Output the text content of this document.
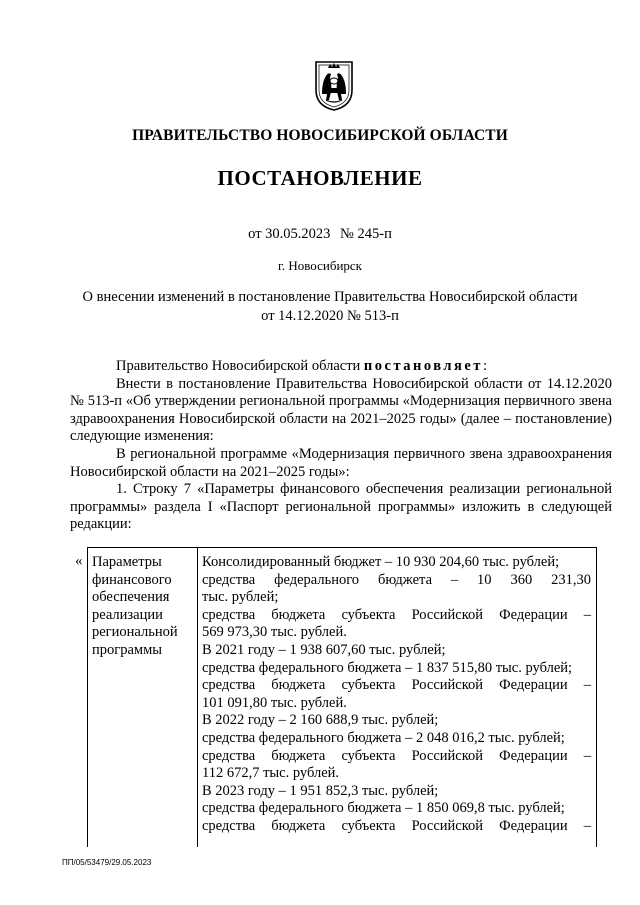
ПРАВИТЕЛЬСТВО НОВОСИБИРСКОЙ ОБЛАСТИ
ПОСТАНОВЛЕНИЕ
от 30.05.2023 № 245-п
г. Новосибирск
О внесении изменений в постановление Правительства Новосибирской области
от 14.12.2020 № 513-п

Правительство Новосибирской области постановляет:

Внести в постановление Правительства Новосибирской области от 14.12.2020 № 513-п «Об утверждении региональной программы «Модернизация первичного звена здравоохранения Новосибирской области на 2021–2025 годы» (далее – постановление) следующие изменения:

В региональной программе «Модернизация первичного звена здравоохранения Новосибирской области на 2021–2025 годы»:

1. Строку 7 «Параметры финансового обеспечения реализации региональной программы» раздела I «Паспорт региональной программы» изложить в следующей редакции:

« Параметры
финансового
обеспечения
реализации
региональной
программы
Консолидированный бюджет – 10 930 204,60 тыс. рублей;
средства федерального бюджета – 10 360 231,30
тыс. рублей;
средства бюджета субъекта Российской Федерации –
569 973,30 тыс. рублей.
В 2021 году – 1 938 607,60 тыс. рублей;
средства федерального бюджета – 1 837 515,80 тыс. рублей;
средства бюджета субъекта Российской Федерации –
101 091,80 тыс. рублей.
В 2022 году – 2 160 688,9 тыс. рублей;
средства федерального бюджета – 2 048 016,2 тыс. рублей;
средства бюджета субъекта Российской Федерации –
112 672,7 тыс. рублей.
В 2023 году – 1 951 852,3 тыс. рублей;
средства федерального бюджета – 1 850 069,8 тыс. рублей;
средства бюджета субъекта Российской Федерации –
ПП/05/53479/29.05.2023
